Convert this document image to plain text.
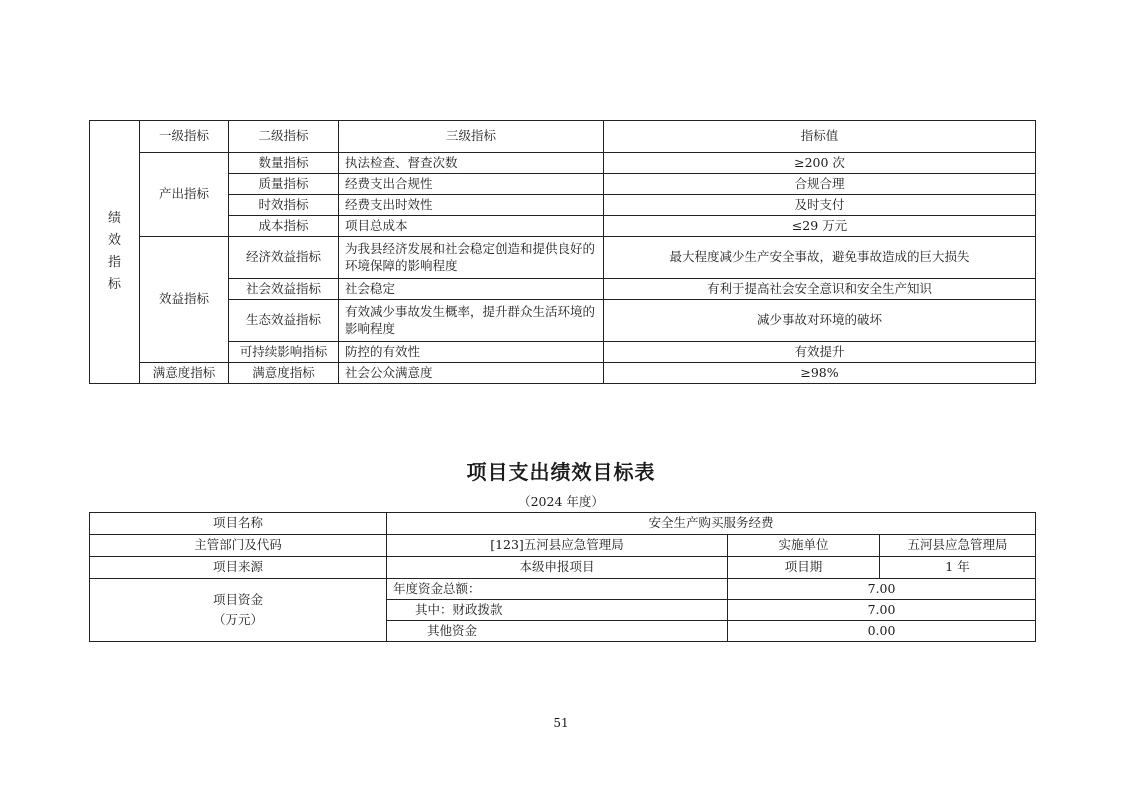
绩
效
指
标	一级指标	二级指标	三级指标	指标值
	产出指标	数量指标	执法检查、督查次数	≥200 次
		质量指标	经费支出合规性	合规合理
		时效指标	经费支出时效性	及时支付
		成本指标	项目总成本	≤29 万元
	效益指标	经济效益指标	为我县经济发展和社会稳定创造和提供良好的环境保障的影响程度	最大程度减少生产安全事故，避免事故造成的巨大损失
		社会效益指标	社会稳定	有利于提高社会安全意识和安全生产知识
		生态效益指标	有效减少事故发生概率，提升群众生活环境的影响程度	减少事故对环境的破坏
		可持续影响指标	防控的有效性	有效提升
	满意度指标	满意度指标	社会公众满意度	≥98%
项目支出绩效目标表
（2024 年度）
项目名称	安全生产购买服务经费		
主管部门及代码	[123]五河县应急管理局	实施单位	五河县应急管理局
项目来源	本级申报项目	项目期	1 年

项目资金
（万元）	年度资金总额：	7.00	
	其中：财政拨款	7.00	
	其他资金	0.00	
51
